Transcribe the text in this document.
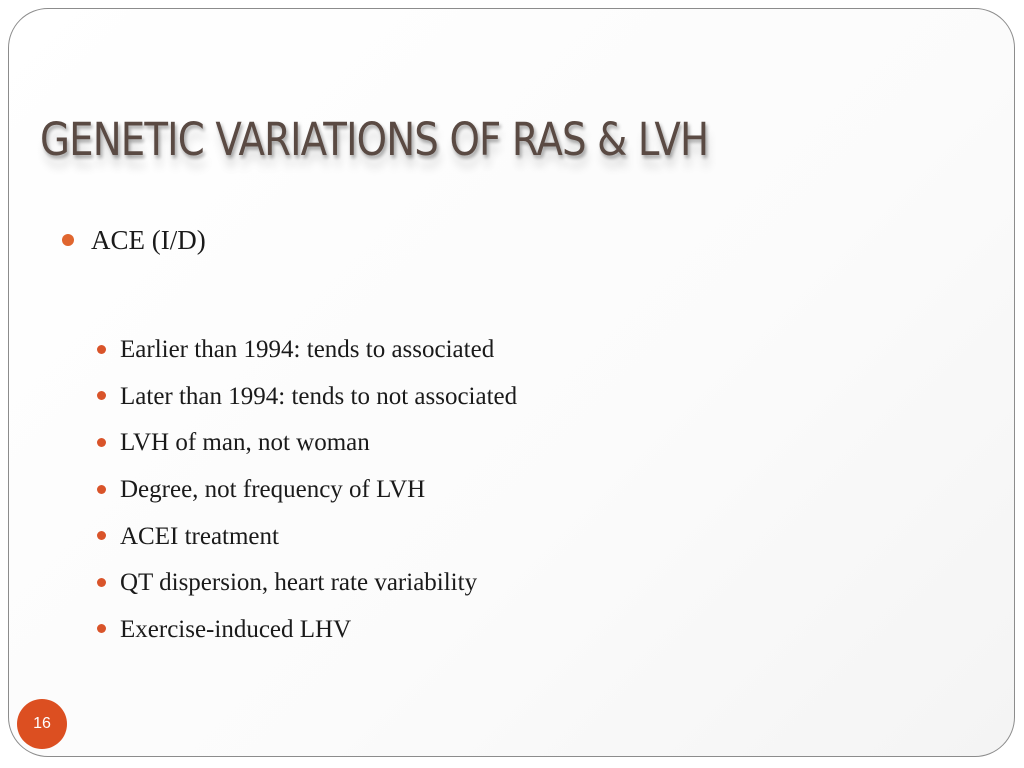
GENETIC VARIATIONS OF RAS & LVH
ACE (I/D)
Earlier than 1994: tends to associated
Later than 1994: tends to not associated
LVH of man, not woman
Degree, not frequency of LVH
ACEI treatment
QT dispersion, heart rate variability
Exercise-induced LHV
16
